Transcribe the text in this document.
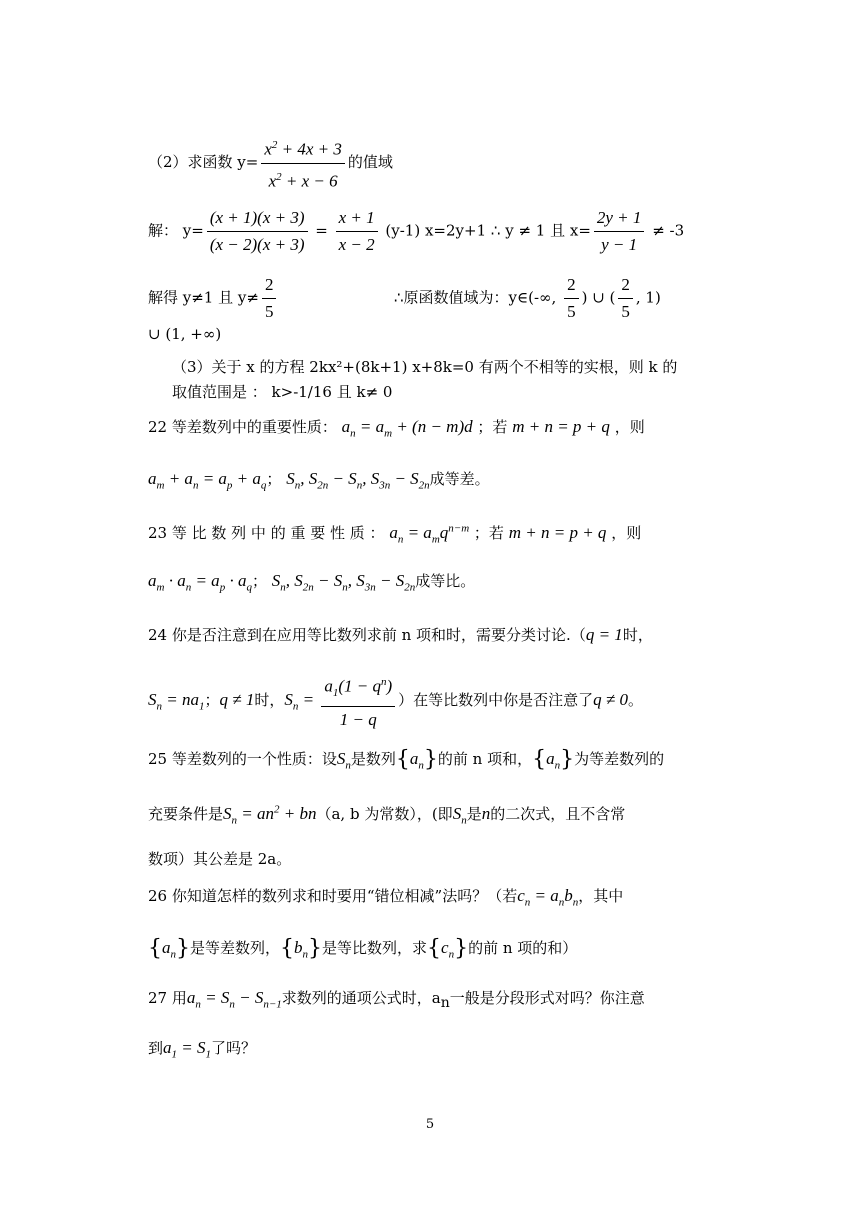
（2）求函数 $y= \frac{x^2 + 4x + 3}{x^2 + x - 6}$ 的值域
解： $y= \frac{(x + 1)(x + 3)}{(x - 2)(x + 3)} = \frac{x + 1}{x - 2} (y-1)$ x=2y+1 ∴ y ≠ 1 且 $x= \frac{2y + 1}{y - 1} \ne -3$
解得 y≠1 且 $y\ne \frac{2}{5}$	∴原函数值域为：y∈(-∞, $\frac{2}{5}$ ) ∪ ( $\frac{2}{5}$ , 1)
∪ (1, +∞)
（3）关于 x 的方程 2kx²+(8k+1) x+8k=0 有两个不相等的实根，则 k 的
取值范围是 ： k>-1/16 且 k≠ 0
22 等差数列中的重要性质： $a_n = a_m + (n - m)d$ ；若 m + n = p + q ，则
$a_m + a_n = a_p + a_q$； $S_n$, $S_{2n} - S_n$, $S_{3n} - S_{2n}$成等差。
23 等 比 数 列 中 的 重 要 性 质 ： $a_n = a_mq^{n-m}$ ；若 m + n = p + q ，则
$a_m \cdot a_n = a_p \cdot a_q$； $S_n$, $S_{2n} - S_n$, $S_{3n} - S_{2n}$成等比。
24 你是否注意到在应用等比数列求前 n 项和时，需要分类讨论.（q = 1时，
$S_n = na_1$；q ≠ 1时，$S_n = \frac{a_1(1 - q^n)}{1 - q}$ ）在等比数列中你是否注意了q ≠ 0。
25 等差数列的一个性质：设$S_n$是数列$\{a_n\}$的前 n 项和，$\{a_n\}$为等差数列的
充要条件是$S_n = an^2 + bn(a$, b 为常数），(即$S_n$是n的二次式，且不含常
数项）其公差是 2a。
26 你知道怎样的数列求和时要用“错位相减”法吗？（若$c_n = a_nb_n$，其中
$\{a_n\}$是等差数列，$\{b_n\}$是等比数列，求$\{c_n\}$的前 n 项的和）
27 用$a_n = S_n - S_{n-1}$求数列的通项公式时，$a_n$一般是分段形式对吗？你注意
到$a_1 = S_1$了吗？
5
